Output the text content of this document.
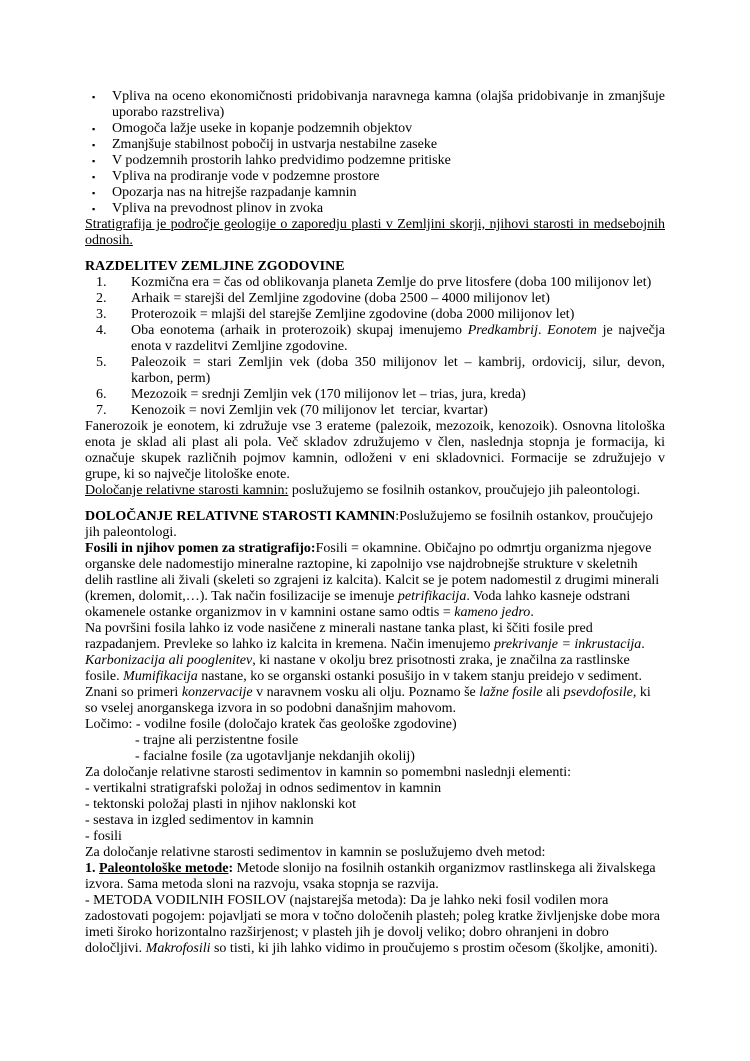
▪	Vpliva na oceno ekonomičnosti pridobivanja naravnega kamna (olajša pridobivanje in zmanjšuje uporabo razstreliva)
▪	Omogoča lažje useke in kopanje podzemnih objektov
▪	Zmanjšuje stabilnost pobočij in ustvarja nestabilne zaseke
▪	V podzemnih prostorih lahko predvidimo podzemne pritiske
▪	Vpliva na prodiranje vode v podzemne prostore
▪	Opozarja nas na hitrejše razpadanje kamnin
▪	Vpliva na prevodnost plinov in zvoka
Stratigrafija je področje geologije o zaporedju plasti v Zemljini skorji, njihovi starosti in medsebojnih odnosih.
RAZDELITEV ZEMLJINE ZGODOVINE
1.	Kozmična era = čas od oblikovanja planeta Zemlje do prve litosfere (doba 100 milijonov let)
2.	Arhaik = starejši del Zemljine zgodovine (doba 2500 – 4000 milijonov let)
3.	Proterozoik = mlajši del starejše Zemljine zgodovine (doba 2000 milijonov let)
4.	Oba eonotema (arhaik in proterozoik) skupaj imenujemo Predkambrij. Eonotem je največja enota v razdelitvi Zemljine zgodovine.
5.	Paleozoik = stari Zemljin vek (doba 350 milijonov let – kambrij, ordovicij, silur, devon, karbon, perm)
6.	Mezozoik = srednji Zemljin vek (170 milijonov let – trias, jura, kreda)
7.	Kenozoik = novi Zemljin vek (70 milijonov let  terciar, kvartar)
Fanerozoik je eonotem, ki združuje vse 3 erateme (palezoik, mezozoik, kenozoik). Osnovna litološka enota je sklad ali plast ali pola. Več skladov združujemo v člen, naslednja stopnja je formacija, ki označuje skupek različnih pojmov kamnin, odloženi v eni skladovnici. Formacije se združujejo v grupe, ki so največje litološke enote.
Določanje relativne starosti kamnin: poslužujemo se fosilnih ostankov, proučujejo jih paleontologi.
DOLOČANJE RELATIVNE STAROSTI KAMNIN:Poslužujemo se fosilnih ostankov, proučujejo jih paleontologi.
Fosili in njihov pomen za stratigrafijo:Fosili = okamnine. Običajno po odmrtju organizma njegove organske dele nadomestijo mineralne raztopine, ki zapolnijo vse najdrobnejše strukture v skeletnih delih rastline ali živali (skeleti so zgrajeni iz kalcita). Kalcit se je potem nadomestil z drugimi minerali (kremen, dolomit,…). Tak način fosilizacije se imenuje petrifikacija. Voda lahko kasneje odstrani okamenele ostanke organizmov in v kamnini ostane samo odtis = kameno jedro.
Na površini fosila lahko iz vode nasičene z minerali nastane tanka plast, ki ščiti fosile pred razpadanjem. Prevleke so lahko iz kalcita in kremena. Način imenujemo prekrivanje = inkrustacija. Karbonizacija ali pooglenitev, ki nastane v okolju brez prisotnosti zraka, je značilna za rastlinske fosile. Mumifikacija nastane, ko se organski ostanki posušijo in v takem stanju preidejo v sediment. Znani so primeri konzervacije v naravnem vosku ali olju. Poznamo še lažne fosile ali psevdofosile, ki so vselej anorganskega izvora in so podobni današnjim mahovom.
Ločimo: - vodilne fosile (določajo kratek čas geološke zgodovine)
- trajne ali perzistentne fosile
- facialne fosile (za ugotavljanje nekdanjih okolij)
Za določanje relativne starosti sedimentov in kamnin so pomembni naslednji elementi:
- vertikalni stratigrafski položaj in odnos sedimentov in kamnin
- tektonski položaj plasti in njihov naklonski kot
- sestava in izgled sedimentov in kamnin
- fosili
Za določanje relativne starosti sedimentov in kamnin se poslužujemo dveh metod:
1. Paleontološke metode: Metode slonijo na fosilnih ostankih organizmov rastlinskega ali živalskega izvora. Sama metoda sloni na razvoju, vsaka stopnja se razvija.
- METODA VODILNIH FOSILOV (najstarejša metoda): Da je lahko neki fosil vodilen mora zadostovati pogojem: pojavljati se mora v točno določenih plasteh; poleg kratke življenjske dobe mora imeti široko horizontalno razširjenost; v plasteh jih je dovolj veliko; dobro ohranjeni in dobro določljivi. Makrofosili so tisti, ki jih lahko vidimo in proučujemo s prostim očesom (školjke, amoniti).
